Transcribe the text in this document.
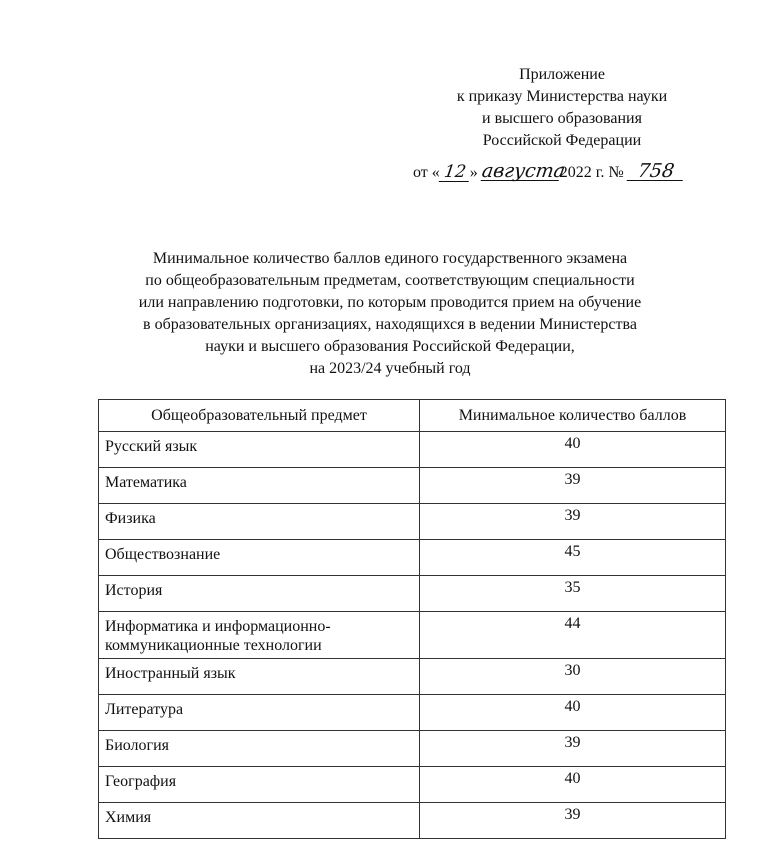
Приложение
к приказу Министерства науки
и высшего образования
Российской Федерации
от « 12 » августа2022 г. № 758
Минимальное количество баллов единого государственного экзамена
по общеобразовательным предметам, соответствующим специальности
или направлению подготовки, по которым проводится прием на обучение
в образовательных организациях, находящихся в ведении Министерства
науки и высшего образования Российской Федерации,
на 2023/24 учебный год
Общеобразовательный предмет	Минимальное количество баллов
Русский язык	40
Математика	39
Физика	39
Обществознание	45
История	35
Информатика и информационно-
коммуникационные технологии	44
Иностранный язык	30
Литература	40
Биология	39
География	40
Химия	39
